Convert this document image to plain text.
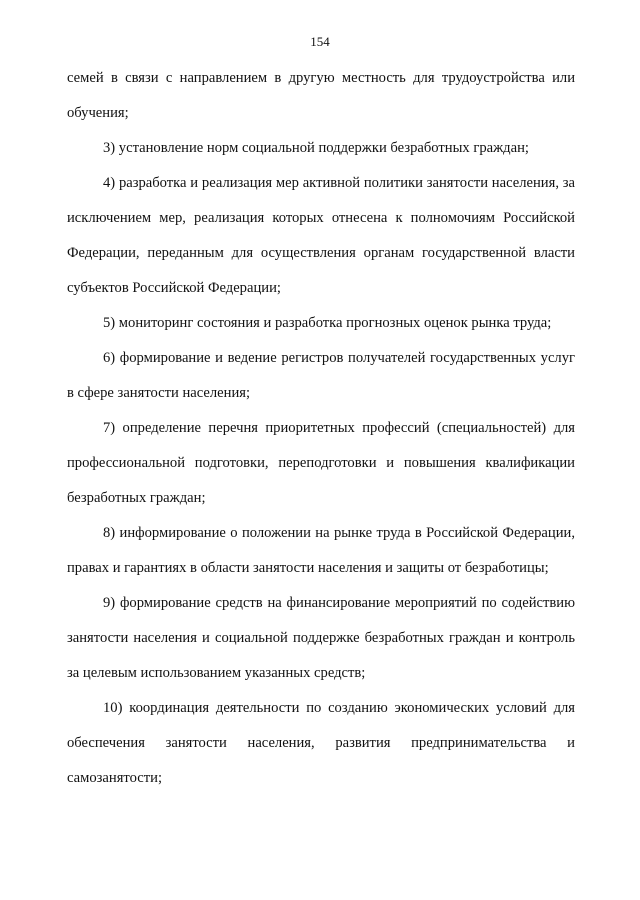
154

семей в связи с направлением в другую местность для трудоустройства или обучения;

3) установление норм социальной поддержки безработных граждан;

4) разработка и реализация мер активной политики занятости населения, за исключением мер, реализация которых отнесена к полномочиям Российской Федерации, переданным для осуществления органам государственной власти субъектов Российской Федерации;

5) мониторинг состояния и разработка прогнозных оценок рынка труда;

6) формирование и ведение регистров получателей государственных услуг в сфере занятости населения;

7) определение перечня приоритетных профессий (специальностей) для профессиональной подготовки, переподготовки и повышения квалификации безработных граждан;

8) информирование о положении на рынке труда в Российской Федерации, правах и гарантиях в области занятости населения и защиты от безработицы;

9) формирование средств на финансирование мероприятий по содействию занятости населения и социальной поддержке безработных граждан и контроль за целевым использованием указанных средств;

10) координация деятельности по созданию экономических условий для обеспечения занятости населения, развития предпринимательства и самозанятости;
